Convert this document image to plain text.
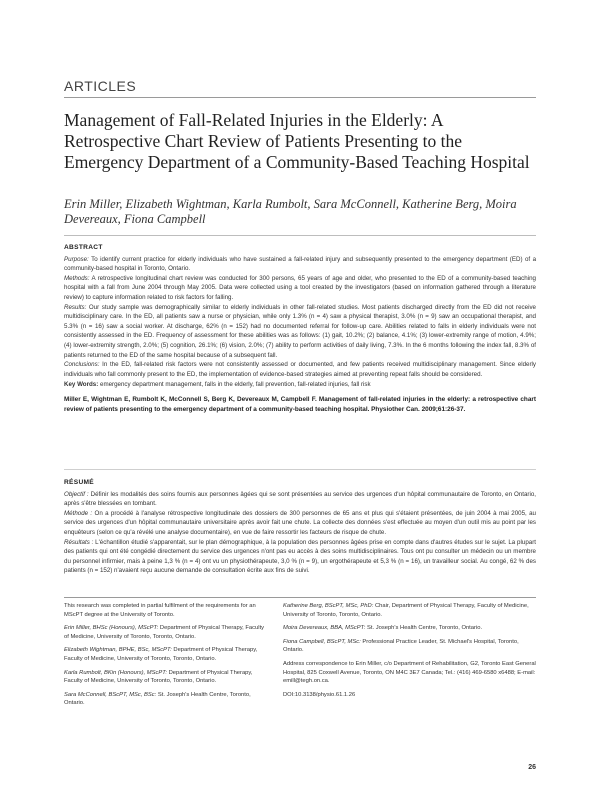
ARTICLES
Management of Fall-Related Injuries in the Elderly: A Retrospective Chart Review of Patients Presenting to the Emergency Department of a Community-Based Teaching Hospital
Erin Miller, Elizabeth Wightman, Karla Rumbolt, Sara McConnell, Katherine Berg, Moira Devereaux, Fiona Campbell
ABSTRACT

Purpose: To identify current practice for elderly individuals who have sustained a fall-related injury and subsequently presented to the emergency department (ED) of a community-based hospital in Toronto, Ontario.

Methods: A retrospective longitudinal chart review was conducted for 300 persons, 65 years of age and older, who presented to the ED of a community-based teaching hospital with a fall from June 2004 through May 2005. Data were collected using a tool created by the investigators (based on information gathered through a literature review) to capture information related to risk factors for falling.

Results: Our study sample was demographically similar to elderly individuals in other fall-related studies. Most patients discharged directly from the ED did not receive multidisciplinary care. In the ED, all patients saw a nurse or physician, while only 1.3% (n = 4) saw a physical therapist, 3.0% (n = 9) saw an occupational therapist, and 5.3% (n = 16) saw a social worker. At discharge, 62% (n = 152) had no documented referral for follow-up care. Abilities related to falls in elderly individuals were not consistently assessed in the ED. Frequency of assessment for these abilities was as follows: (1) gait, 10.2%; (2) balance, 4.1%; (3) lower-extremity range of motion, 4.9%; (4) lower-extremity strength, 2.0%; (5) cognition, 26.1%; (6) vision, 2.0%; (7) ability to perform activities of daily living, 7.3%. In the 6 months following the index fall, 8.3% of patients returned to the ED of the same hospital because of a subsequent fall.

Conclusions: In the ED, fall-related risk factors were not consistently assessed or documented, and few patients received multidisciplinary management. Since elderly individuals who fall commonly present to the ED, the implementation of evidence-based strategies aimed at preventing repeat falls should be considered.

Key Words: emergency department management, falls in the elderly, fall prevention, fall-related injuries, fall risk

Miller E, Wightman E, Rumbolt K, McConnell S, Berg K, Devereaux M, Campbell F. Management of fall-related injuries in the elderly: a retrospective chart review of patients presenting to the emergency department of a community-based teaching hospital. Physiother Can. 2009;61:26-37.

RÉSUMÉ

Objectif : Définir les modalités des soins fournis aux personnes âgées qui se sont présentées au service des urgences d'un hôpital communautaire de Toronto, en Ontario, après s'être blessées en tombant.

Méthode : On a procédé à l'analyse rétrospective longitudinale des dossiers de 300 personnes de 65 ans et plus qui s'étaient présentées, de juin 2004 à mai 2005, au service des urgences d'un hôpital communautaire universitaire après avoir fait une chute. La collecte des données s'est effectuée au moyen d'un outil mis au point par les enquêteurs (selon ce qu'a révélé une analyse documentaire), en vue de faire ressortir les facteurs de risque de chute.

Résultats : L'échantillon étudié s'apparentait, sur le plan démographique, à la population des personnes âgées prise en compte dans d'autres études sur le sujet. La plupart des patients qui ont été congédié directement du service des urgences n'ont pas eu accès à des soins multidisciplinaires. Tous ont pu consulter un médecin ou un membre du personnel infirmier, mais à peine 1,3 % (n = 4) ont vu un physiothérapeute, 3,0 % (n = 9), un ergothérapeute et 5,3 % (n = 16), un travailleur social. Au congé, 62 % des patients (n = 152) n'avaient reçu aucune demande de consultation écrite aux fins de suivi.

This research was completed in partial fulfilment of the requirements for an MScPT degree at the University of Toronto.

Erin Miller, BHSc (Honours), MScPT: Department of Physical Therapy, Faculty of Medicine, University of Toronto, Toronto, Ontario.

Elizabeth Wightman, BPHE, BSc, MScPT: Department of Physical Therapy, Faculty of Medicine, University of Toronto, Toronto, Ontario.

Karla Rumbolt, BKin (Honours), MScPT: Department of Physical Therapy, Faculty of Medicine, University of Toronto, Toronto, Ontario.

Sara McConnell, BScPT, MSc, BSc: St. Joseph's Health Centre, Toronto, Ontario.

Katherine Berg, BScPT, MSc, PhD: Chair, Department of Physical Therapy, Faculty of Medicine, University of Toronto, Toronto, Ontario.

Moira Devereaux, BBA, MScPT: St. Joseph's Health Centre, Toronto, Ontario.

Fiona Campbell, BScPT, MSc: Professional Practice Leader, St. Michael's Hospital, Toronto, Ontario.

Address correspondence to Erin Miller, c/o Department of Rehabilitation, G2, Toronto East General Hospital, 825 Coxwell Avenue, Toronto, ON M4C 3E7 Canada; Tel.: (416) 469-6580 x6488; E-mail: emill@tegh.on.ca.

DOI:10.3138/physio.61.1.26

26
